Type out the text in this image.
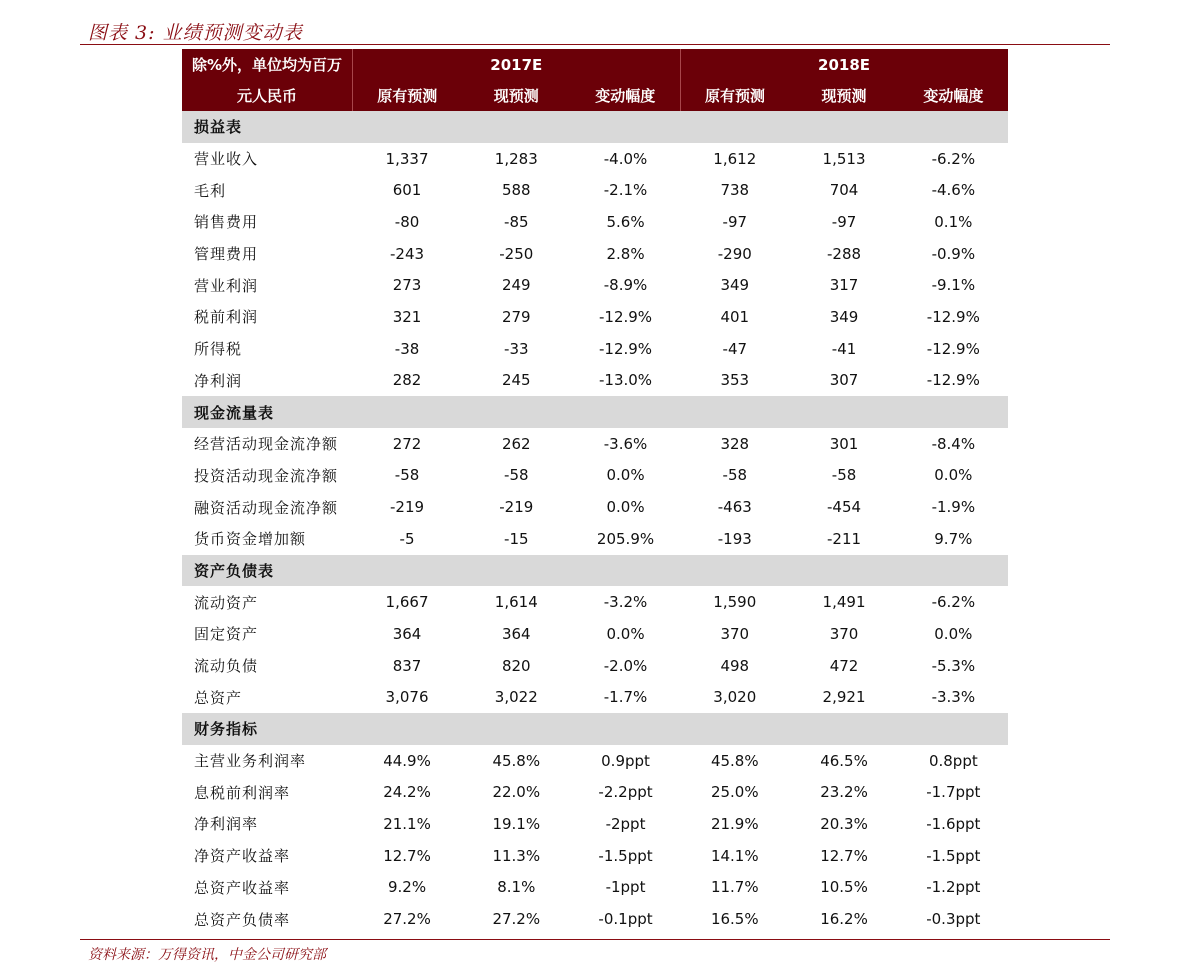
图表 3: 业绩预测变动表
除%外，单位均为百万		2017E			2018E	
元人民币	原有预测	现预测	变动幅度	原有预测	现预测	变动幅度
损益表						
营业收入	1,337	1,283	-4.0%	1,612	1,513	-6.2%
毛利	601	588	-2.1%	738	704	-4.6%
销售费用	-80	-85	5.6%	-97	-97	0.1%
管理费用	-243	-250	2.8%	-290	-288	-0.9%
营业利润	273	249	-8.9%	349	317	-9.1%
税前利润	321	279	-12.9%	401	349	-12.9%
所得税	-38	-33	-12.9%	-47	-41	-12.9%
净利润	282	245	-13.0%	353	307	-12.9%
现金流量表						
经营活动现金流净额	272	262	-3.6%	328	301	-8.4%
投资活动现金流净额	-58	-58	0.0%	-58	-58	0.0%
融资活动现金流净额	-219	-219	0.0%	-463	-454	-1.9%
货币资金增加额	-5	-15	205.9%	-193	-211	9.7%
资产负债表						
流动资产	1,667	1,614	-3.2%	1,590	1,491	-6.2%
固定资产	364	364	0.0%	370	370	0.0%
流动负债	837	820	-2.0%	498	472	-5.3%
总资产	3,076	3,022	-1.7%	3,020	2,921	-3.3%
财务指标						
主营业务利润率	44.9%	45.8%	0.9ppt	45.8%	46.5%	0.8ppt
息税前利润率	24.2%	22.0%	-2.2ppt	25.0%	23.2%	-1.7ppt
净利润率	21.1%	19.1%	-2ppt	21.9%	20.3%	-1.6ppt
净资产收益率	12.7%	11.3%	-1.5ppt	14.1%	12.7%	-1.5ppt
总资产收益率	9.2%	8.1%	-1ppt	11.7%	10.5%	-1.2ppt
总资产负债率	27.2%	27.2%	-0.1ppt	16.5%	16.2%	-0.3ppt
资料来源：万得资讯，中金公司研究部
